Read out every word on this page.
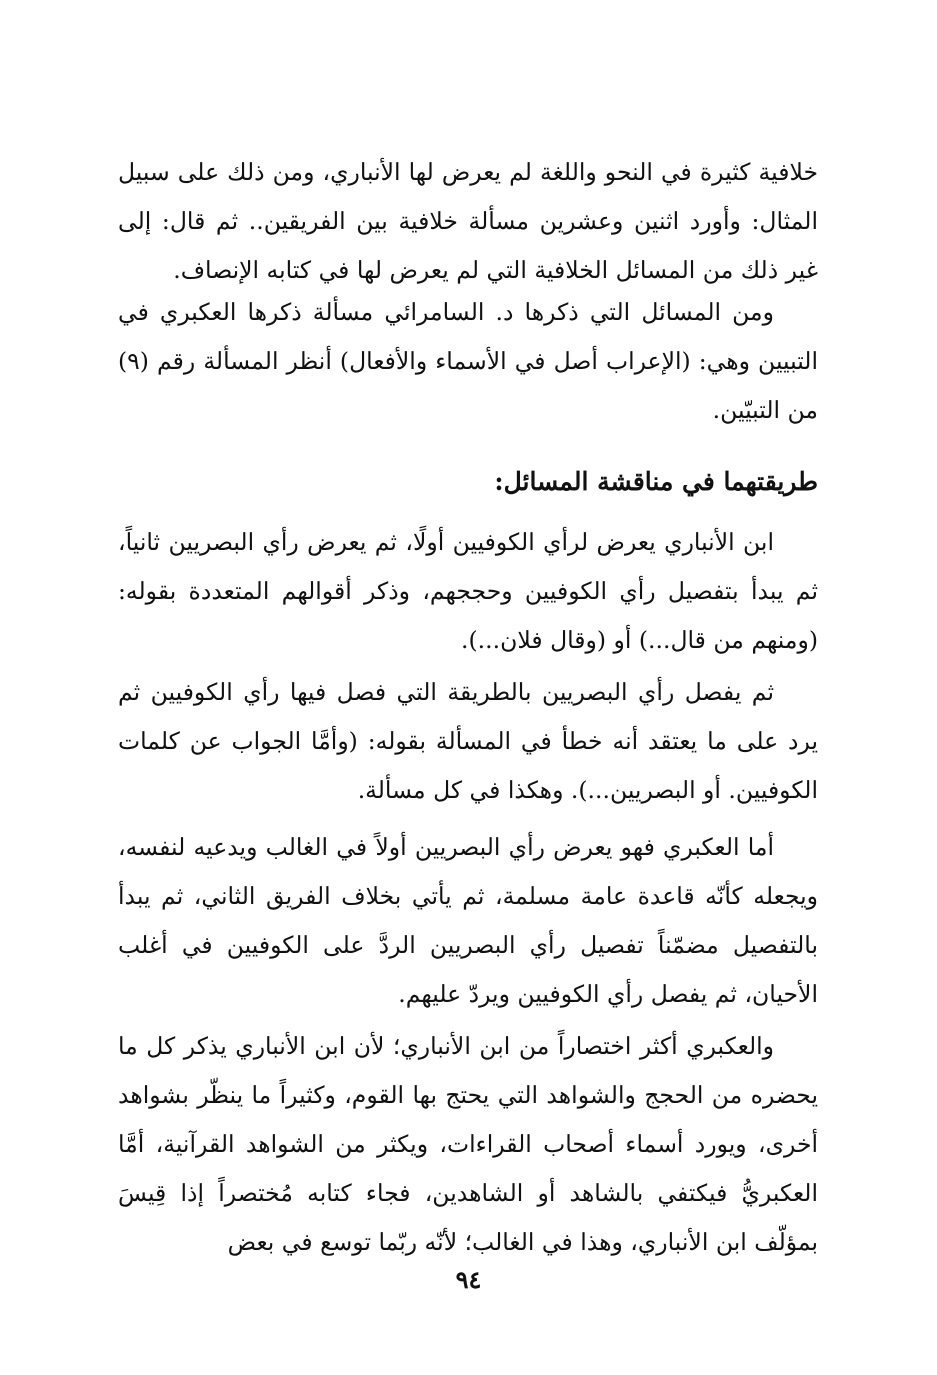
خلافية كثيرة في النحو واللغة لم يعرض لها الأنباري، ومن ذلك على سبيل المثال: وأورد اثنين وعشرين مسألة خلافية بين الفريقين.. ثم قال: إلى غير ذلك من المسائل الخلافية التي لم يعرض لها في كتابه الإنصاف.

ومن المسائل التي ذكرها د. السامرائي مسألة ذكرها العكبري في التبيين وهي: (الإعراب أصل في الأسماء والأفعال) أنظر المسألة رقم (٩) من التبيّين.

طريقتهما في مناقشة المسائل:

ابن الأنباري يعرض لرأي الكوفيين أولًا، ثم يعرض رأي البصريين ثانياً، ثم يبدأ بتفصيل رأي الكوفيين وحججهم، وذكر أقوالهم المتعددة بقوله: (ومنهم من قال...) أو (وقال فلان...).

ثم يفصل رأي البصريين بالطريقة التي فصل فيها رأي الكوفيين ثم يرد على ما يعتقد أنه خطأ في المسألة بقوله: (وأمَّا الجواب عن كلمات الكوفيين. أو البصريين...). وهكذا في كل مسألة.

أما العكبري فهو يعرض رأي البصريين أولاً في الغالب ويدعيه لنفسه، ويجعله كأنّه قاعدة عامة مسلمة، ثم يأتي بخلاف الفريق الثاني، ثم يبدأ بالتفصيل مضمّناً تفصيل رأي البصريين الردَّ على الكوفيين في أغلب الأحيان، ثم يفصل رأي الكوفيين ويردّ عليهم.

والعكبري أكثر اختصاراً من ابن الأنباري؛ لأن ابن الأنباري يذكر كل ما يحضره من الحجج والشواهد التي يحتج بها القوم، وكثيراً ما ينظّر بشواهد أخرى، ويورد أسماء أصحاب القراءات، ويكثر من الشواهد القرآنية، أمَّا العكبريُّ فيكتفي بالشاهد أو الشاهدين، فجاء كتابه مُختصراً إذا قِيسَ بمؤلّف ابن الأنباري، وهذا في الغالب؛ لأنّه ربّما توسع في بعض

٩٤
